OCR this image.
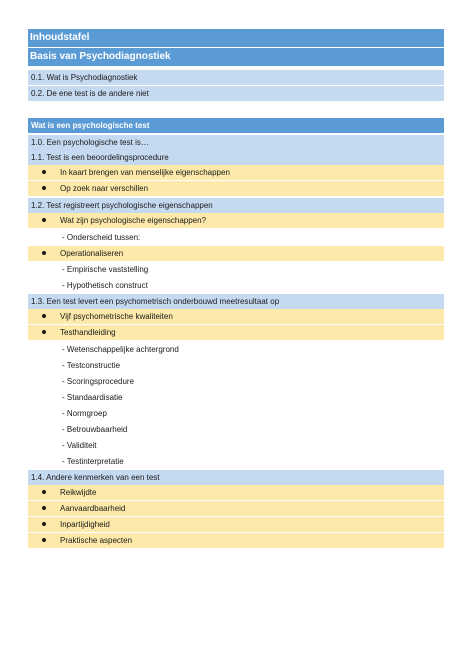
Inhoudstafel
Basis van Psychodiagnostiek
0.1. Wat is Psychodiagnostiek
0.2. De ene test is de andere niet
Wat is een psychologische test
1.0. Een psychologische test is…
1.1. Test is een beoordelingsprocedure
In kaart brengen van menselijke eigenschappen
Op zoek naar verschillen
1.2. Test registreert psychologische eigenschappen
Wat zijn psychologische eigenschappen?
- Onderscheid tussen:
Operationaliseren
- Empirische vaststelling
- Hypothetisch construct
1.3. Een test levert een psychometrisch onderbouwd meetresultaat op
Vijf psychometrische kwaliteiten
Testhandleiding
- Wetenschappelijke achtergrond
- Testconstructie
- Scoringsprocedure
- Standaardisatie
- Normgroep
- Betrouwbaarheid
- Validiteit
- Testinterpretatie
1.4. Andere kenmerken van een test
Reikwijdte
Aanvaardbaarheid
Inpartijdigheid
Praktische aspecten
